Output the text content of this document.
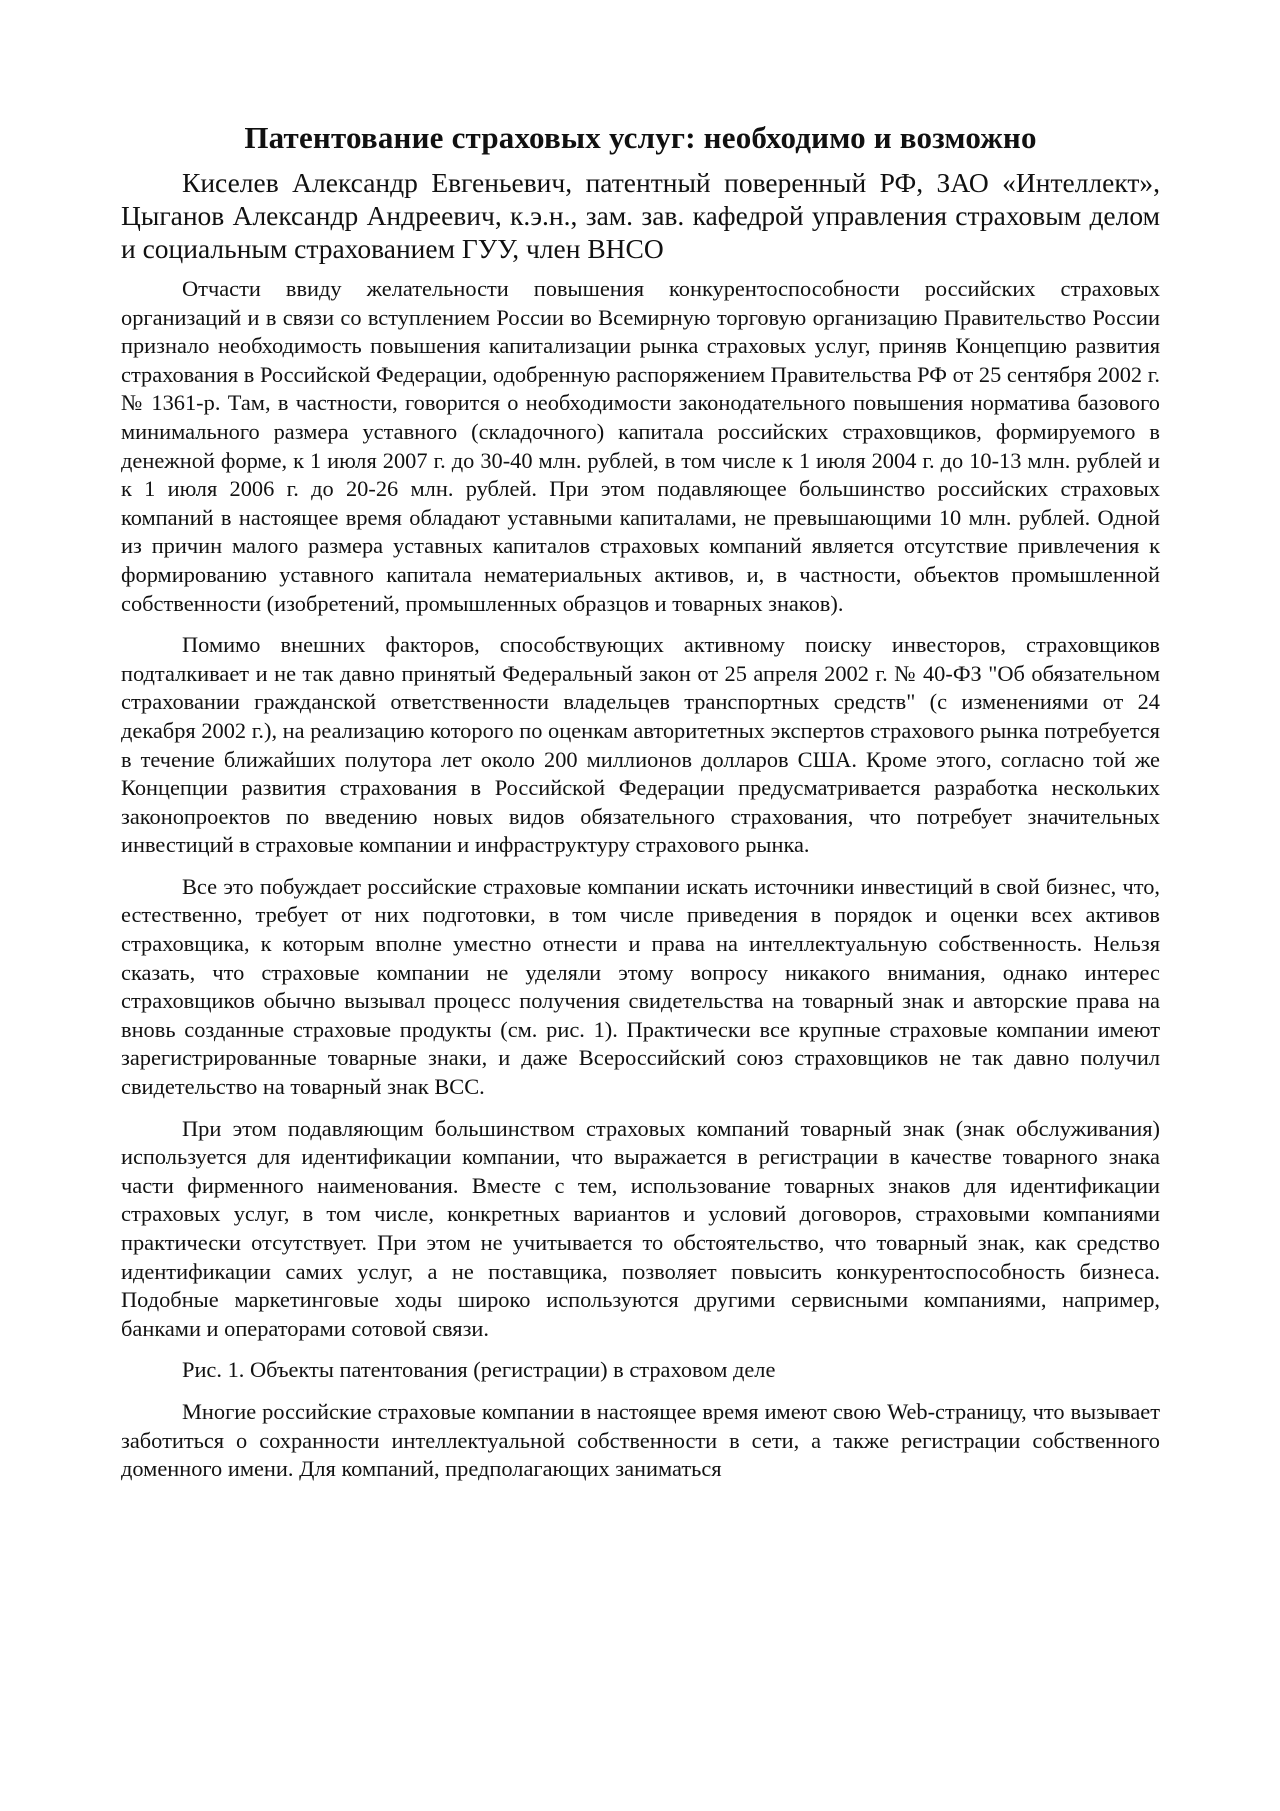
Патентование страховых услуг: необходимо и возможно

Киселев Александр Евгеньевич, патентный поверенный РФ, ЗАО «Интеллект», Цыганов Александр Андреевич, к.э.н., зам. зав. кафедрой управления страховым делом и социальным страхованием ГУУ, член ВНСО

Отчасти ввиду желательности повышения конкурентоспособности российских страховых организаций и в связи со вступлением России во Всемирную торговую организацию Правительство России признало необходимость повышения капитализации рынка страховых услуг, приняв Концепцию развития страхования в Российской Федерации, одобренную распоряжением Правительства РФ от 25 сентября 2002 г. № 1361-р. Там, в частности, говорится о необходимости законодательного повышения норматива базового минимального размера уставного (складочного) капитала российских страховщиков, формируемого в денежной форме, к 1 июля 2007 г. до 30-40 млн. рублей, в том числе к 1 июля 2004 г. до 10-13 млн. рублей и к 1 июля 2006 г. до 20-26 млн. рублей. При этом подавляющее большинство российских страховых компаний в настоящее время обладают уставными капиталами, не превышающими 10 млн. рублей. Одной из причин малого размера уставных капиталов страховых компаний является отсутствие привлечения к формированию уставного капитала нематериальных активов, и, в частности, объектов промышленной собственности (изобретений, промышленных образцов и товарных знаков).

Помимо внешних факторов, способствующих активному поиску инвесторов, страховщиков подталкивает и не так давно принятый Федеральный закон от 25 апреля 2002 г. № 40-ФЗ "Об обязательном страховании гражданской ответственности владельцев транспортных средств" (с изменениями от 24 декабря 2002 г.), на реализацию которого по оценкам авторитетных экспертов страхового рынка потребуется в течение ближайших полутора лет около 200 миллионов долларов США. Кроме этого, согласно той же Концепции развития страхования в Российской Федерации предусматривается разработка нескольких законопроектов по введению новых видов обязательного страхования, что потребует значительных инвестиций в страховые компании и инфраструктуру страхового рынка.

Все это побуждает российские страховые компании искать источники инвестиций в свой бизнес, что, естественно, требует от них подготовки, в том числе приведения в порядок и оценки всех активов страховщика, к которым вполне уместно отнести и права на интеллектуальную собственность. Нельзя сказать, что страховые компании не уделяли этому вопросу никакого внимания, однако интерес страховщиков обычно вызывал процесс получения свидетельства на товарный знак и авторские права на вновь созданные страховые продукты (см. рис. 1). Практически все крупные страховые компании имеют зарегистрированные товарные знаки, и даже Всероссийский союз страховщиков не так давно получил свидетельство на товарный знак ВСС.

При этом подавляющим большинством страховых компаний товарный знак (знак обслуживания) используется для идентификации компании, что выражается в регистрации в качестве товарного знака части фирменного наименования. Вместе с тем, использование товарных знаков для идентификации страховых услуг, в том числе, конкретных вариантов и условий договоров, страховыми компаниями практически отсутствует. При этом не учитывается то обстоятельство, что товарный знак, как средство идентификации самих услуг, а не поставщика, позволяет повысить конкурентоспособность бизнеса. Подобные маркетинговые ходы широко используются другими сервисными компаниями, например, банками и операторами сотовой связи.

Рис. 1. Объекты патентования (регистрации) в страховом деле

Многие российские страховые компании в настоящее время имеют свою Web-страницу, что вызывает заботиться о сохранности интеллектуальной собственности в сети, а также регистрации собственного доменного имени. Для компаний, предполагающих заниматься
